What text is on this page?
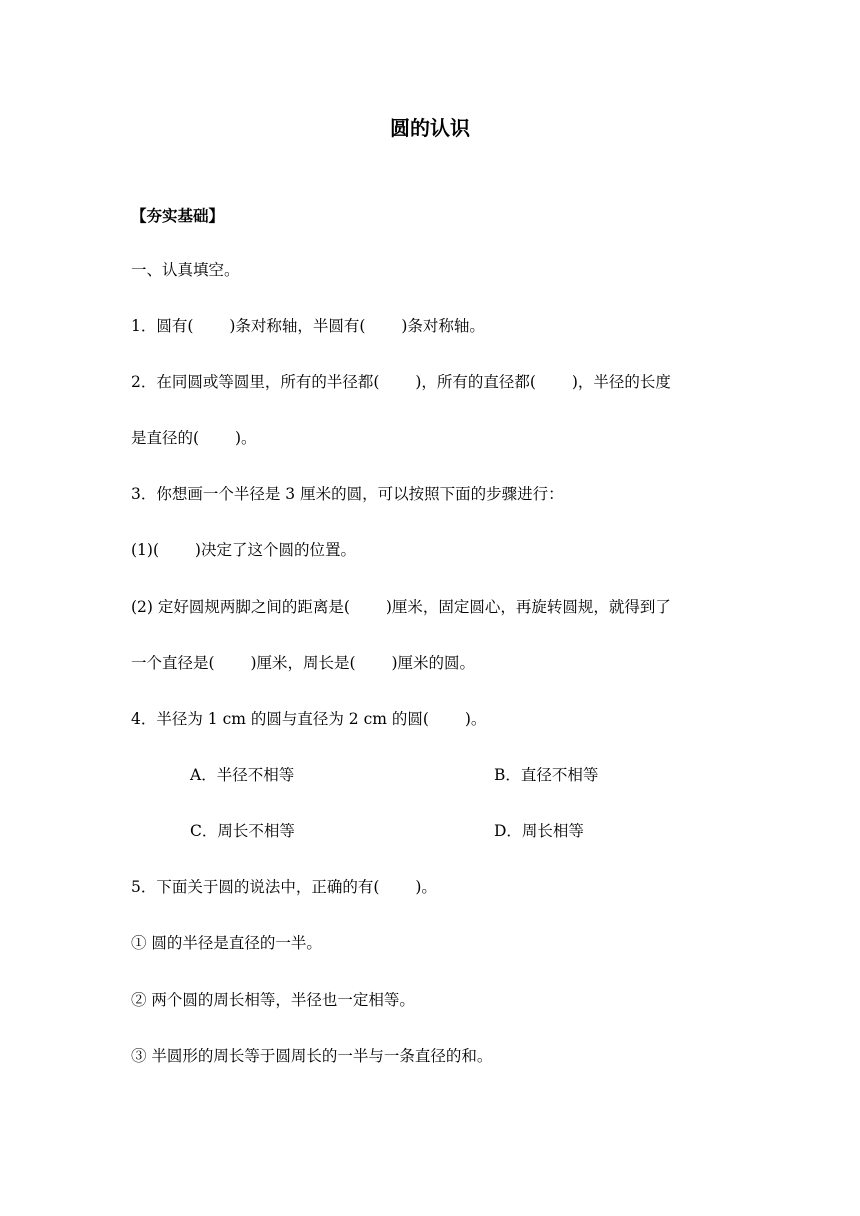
圆的认识
【夯实基础】
一、认真填空。
1．圆有(　　 )条对称轴，半圆有(　　 )条对称轴。
2．在同圆或等圆里，所有的半径都(　　 )，所有的直径都(　　 )，半径的长度
是直径的(　　 )。
3．你想画一个半径是 3 厘米的圆，可以按照下面的步骤进行：
(1)(　　 )决定了这个圆的位置。
(2) 定好圆规两脚之间的距离是(　　 )厘米，固定圆心，再旋转圆规，就得到了
一个直径是(　　 )厘米，周长是(　　 )厘米的圆。
4．半径为 1 cm 的圆与直径为 2 cm 的圆(　　 )。
A．半径不相等	B．直径不相等
C．周长不相等	D．周长相等
5．下面关于圆的说法中，正确的有(　　 )。
① 圆的半径是直径的一半。
② 两个圆的周长相等，半径也一定相等。
③ 半圆形的周长等于圆周长的一半与一条直径的和。
